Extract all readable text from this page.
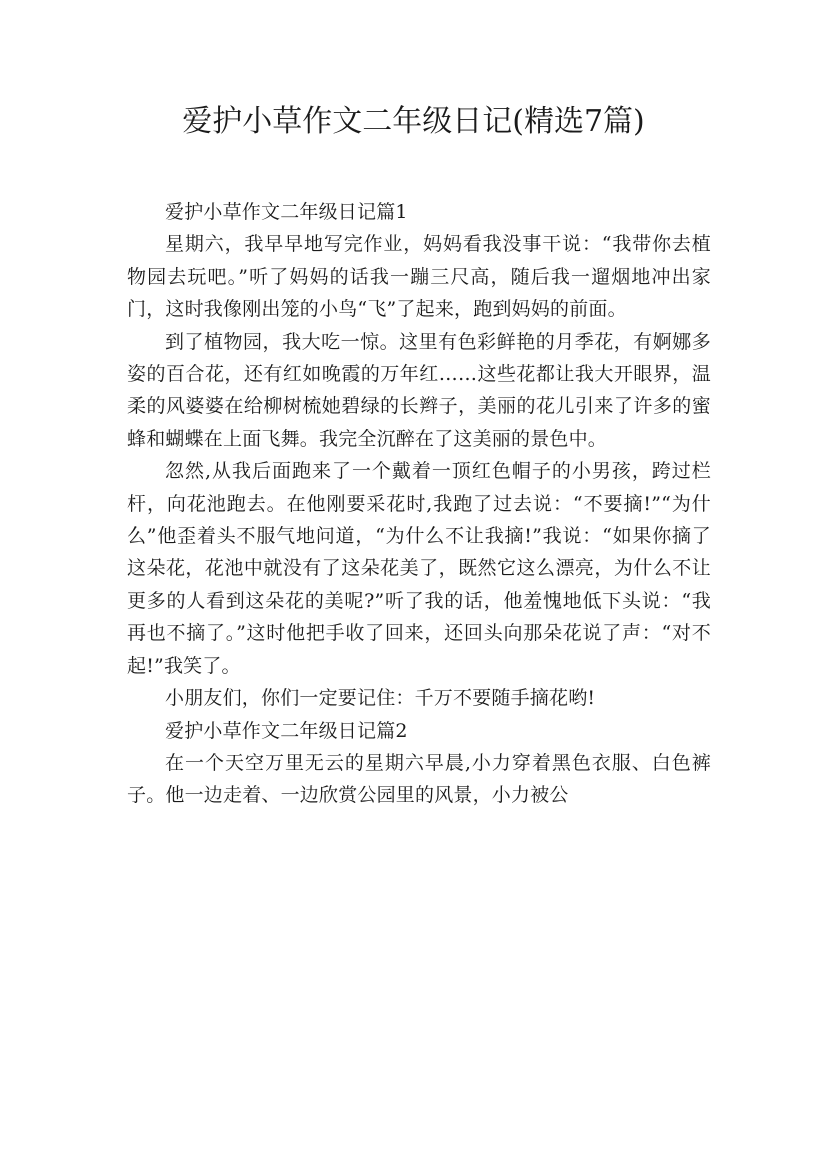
爱护小草作文二年级日记(精选7篇)

爱护小草作文二年级日记篇1

星期六，我早早地写完作业，妈妈看我没事干说：“我带你去植物园去玩吧。”听了妈妈的话我一蹦三尺高，随后我一遛烟地冲出家门，这时我像刚出笼的小鸟“飞”了起来，跑到妈妈的前面。

到了植物园，我大吃一惊。这里有色彩鲜艳的月季花，有婀娜多姿的百合花，还有红如晚霞的万年红……这些花都让我大开眼界，温柔的风婆婆在给柳树梳她碧绿的长辫子，美丽的花儿引来了许多的蜜蜂和蝴蝶在上面飞舞。我完全沉醉在了这美丽的景色中。

忽然,从我后面跑来了一个戴着一顶红色帽子的小男孩，跨过栏杆，向花池跑去。在他刚要采花时,我跑了过去说：“不要摘!”“为什么”他歪着头不服气地问道，“为什么不让我摘!”我说：“如果你摘了这朵花，花池中就没有了这朵花美了，既然它这么漂亮，为什么不让更多的人看到这朵花的美呢?”听了我的话，他羞愧地低下头说：“我再也不摘了。”这时他把手收了回来，还回头向那朵花说了声：“对不起!”我笑了。

小朋友们，你们一定要记住：千万不要随手摘花哟!

爱护小草作文二年级日记篇2

在一个天空万里无云的星期六早晨,小力穿着黑色衣服、白色裤子。他一边走着、一边欣赏公园里的风景，小力被公
